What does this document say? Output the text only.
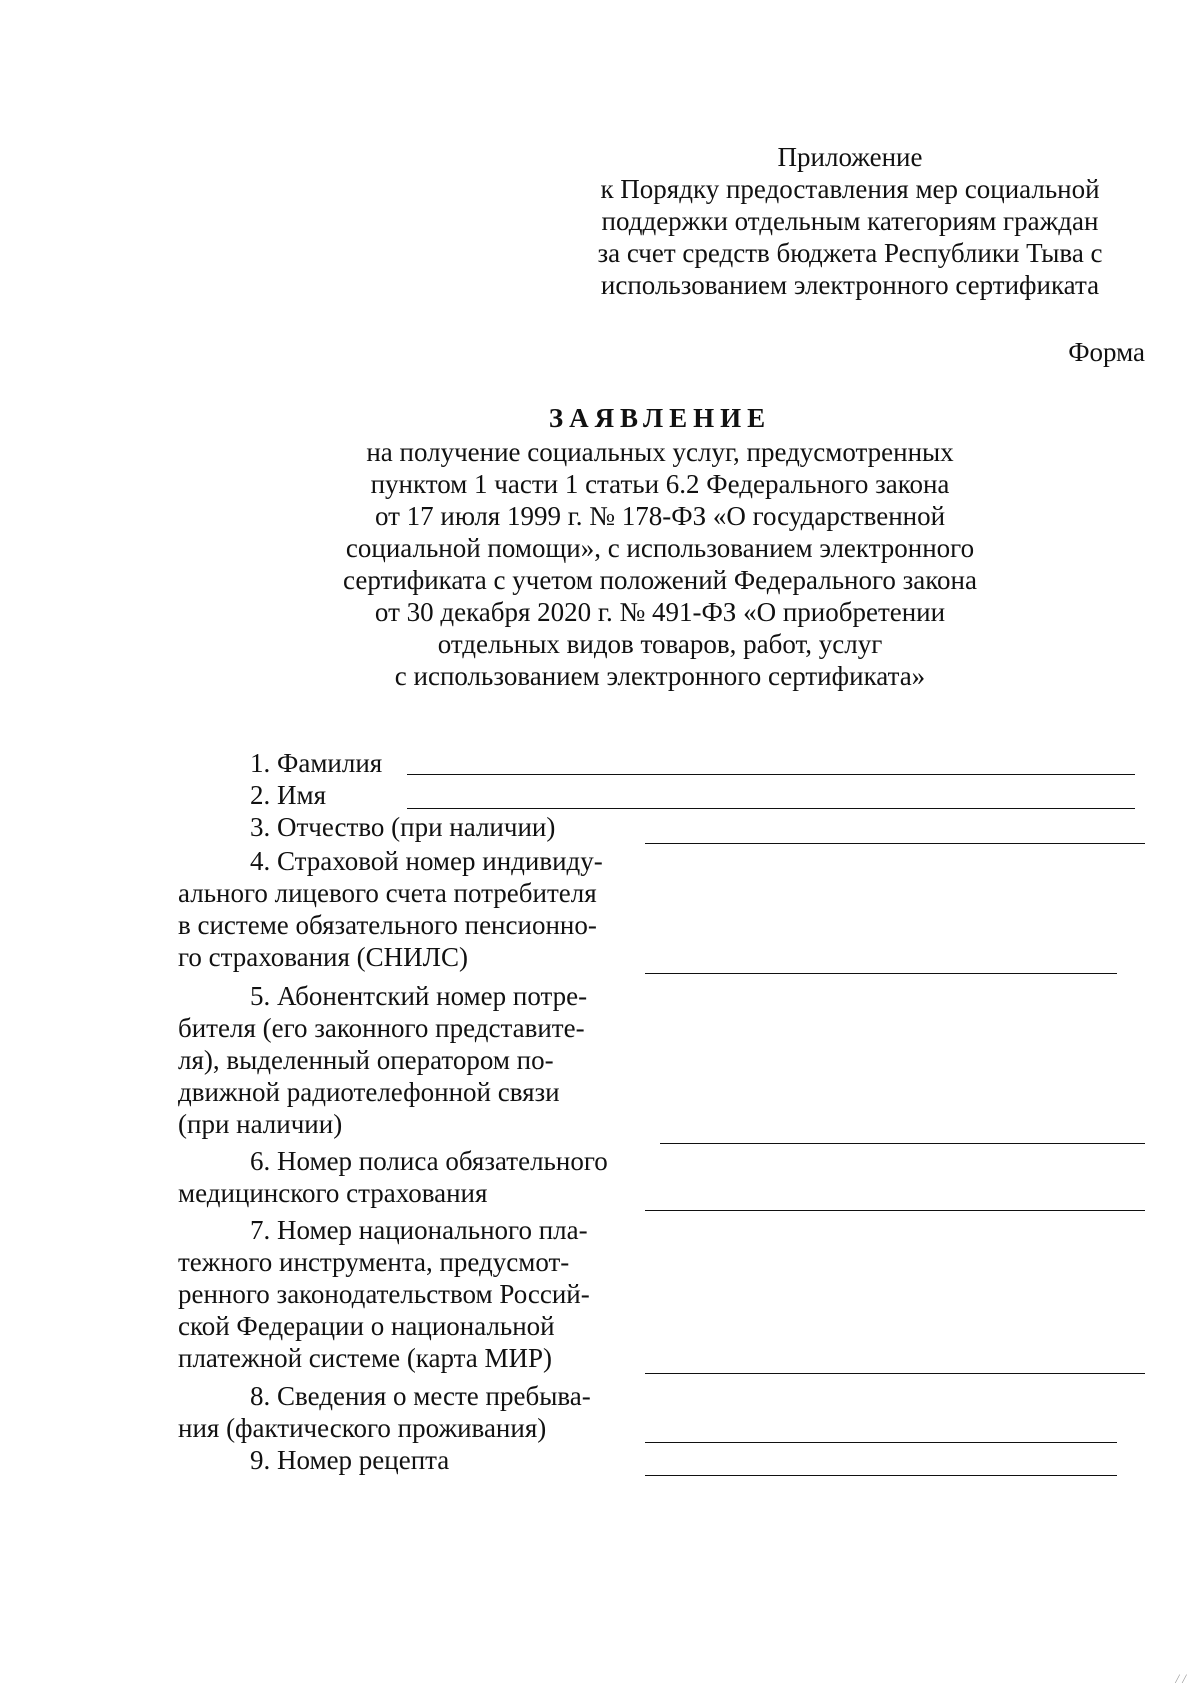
Приложение
к Порядку предоставления мер социальной
поддержки отдельным категориям граждан
за счет средств бюджета Республики Тыва с
использованием электронного сертификата
Форма
ЗАЯВЛЕНИЕ
на получение социальных услуг, предусмотренных
пунктом 1 части 1 статьи 6.2 Федерального закона
от 17 июля 1999 г. № 178-ФЗ «О государственной
социальной помощи», с использованием электронного
сертификата с учетом положений Федерального закона
от 30 декабря 2020 г. № 491-ФЗ «О приобретении
отдельных видов товаров, работ, услуг
с использованием электронного сертификата»
1. Фамилия
2. Имя
3. Отчество (при наличии)
4. Страховой номер индивиду-
ального лицевого счета потребителя
в системе обязательного пенсионно-
го страхования (СНИЛС)
5. Абонентский номер потре-
бителя (его законного представите-
ля), выделенный оператором по-
движной радиотелефонной связи
(при наличии)
6. Номер полиса обязательного
медицинского страхования
7. Номер национального пла-
тежного инструмента, предусмот-
ренного законодательством Россий-
ской Федерации о национальной
платежной системе (карта МИР)
8. Сведения о месте пребыва-
ния (фактического проживания)
9. Номер рецепта
/ /
